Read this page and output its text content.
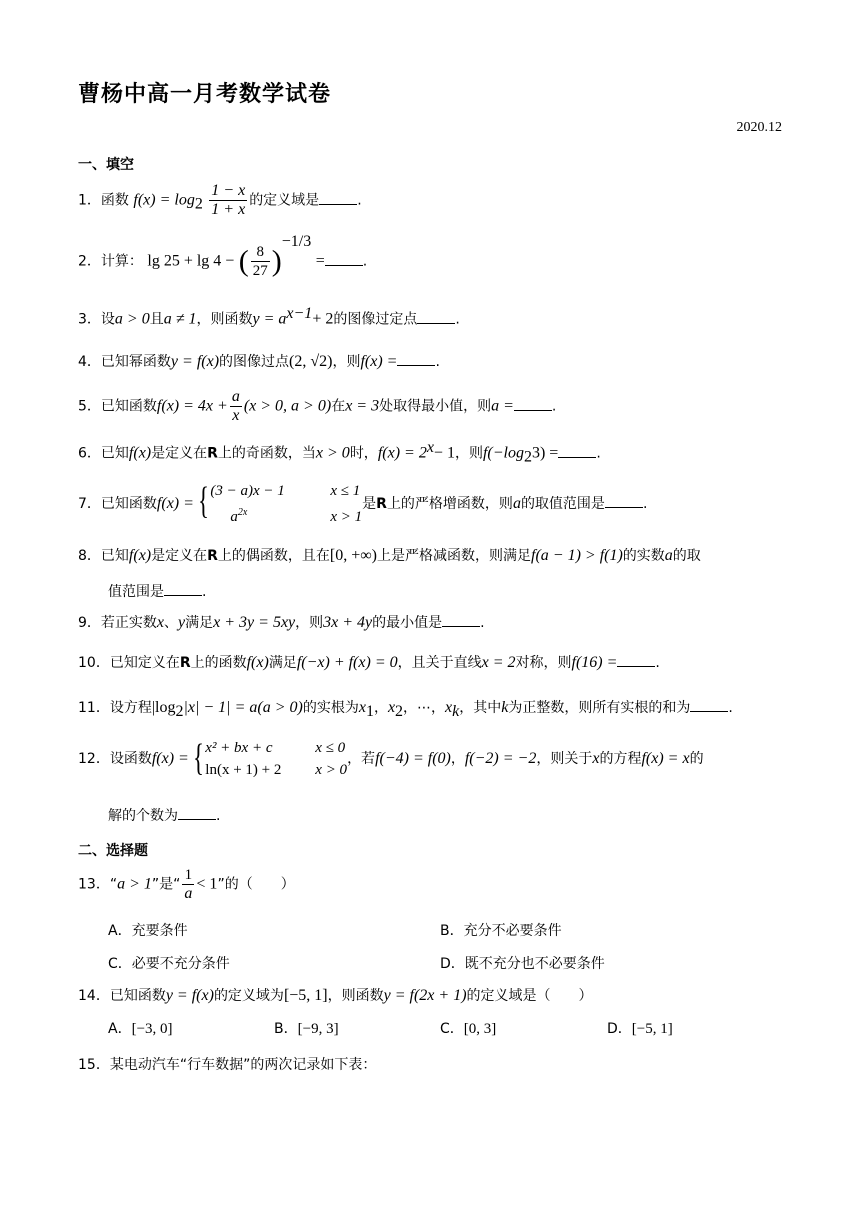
曹杨中高一月考数学试卷
2020.12
一、填空
1．函数 $f(x) = \log_2 \frac{1 - x}{1 + x}$ 的定义域是	.
2．计算： lg 25 + lg 4 − ( $\frac{8}{27} )^{-1/3}$ =	.
3．设a > 0且a ≠ 1，则函数$y = a^{x-1}+ 2$的图像过定点	.
4．已知幂函数y = f(x)的图像过点(2, √2)，则f(x) =	.
5．已知函数$f(x) = 4x + \frac{a}{x} (x > 0$, a > 0)在x = 3处取得最小值，则a =	.
6．已知f(x)是定义在R上的奇函数，当x > 0时，$f(x) = 2^x- 1$，则$f(-\log_23)$ =	.
7．已知函数f(x) = { (3 − a)x − 1	x ≤ 1
$a^{2x}$	x > 1
是R上的严格增函数，则a的取值范围是	.
8．已知f(x)是定义在R上的偶函数，且在[0, +∞)上是严格减函数，则满足f(a − 1) > f(1)的实数a的取
值范围是	.
9．若正实数x、y满足x + 3y = 5xy，则3x + 4y的最小值是	.
10．已知定义在R上的函数f(x)满足f(−x) + f(x) = 0，且关于直线x = 2对称，则f(16) =	.
11．设方程$|\log_2|x| - 1| = a(a > 0)$的实根为$x_1$，$x_2$，⋯，$x_k$，其中k为正整数，则所有实根的和为	.
12．设函数f(x) = { x² + bx + c	x ≤ 0
ln(x + 1) + 2 x > 0
，若f(−4) = f(0)，f(−2) = −2，则关于x的方程f(x) = x的
解的个数为	.
二、选择题
13．“a > 1”是“ $\frac{1}{a} < 1$”的（　　）
A．充要条件	B．充分不必要条件
C．必要不充分条件	D．既不充分也不必要条件
14．已知函数y = f(x)的定义域为[−5, 1]，则函数y = f(2x + 1)的定义域是（　　）
A．[−3, 0]	B．[−9, 3]	C．[0, 3]	D．[−5, 1]
15．某电动汽车“行车数据”的两次记录如下表：
